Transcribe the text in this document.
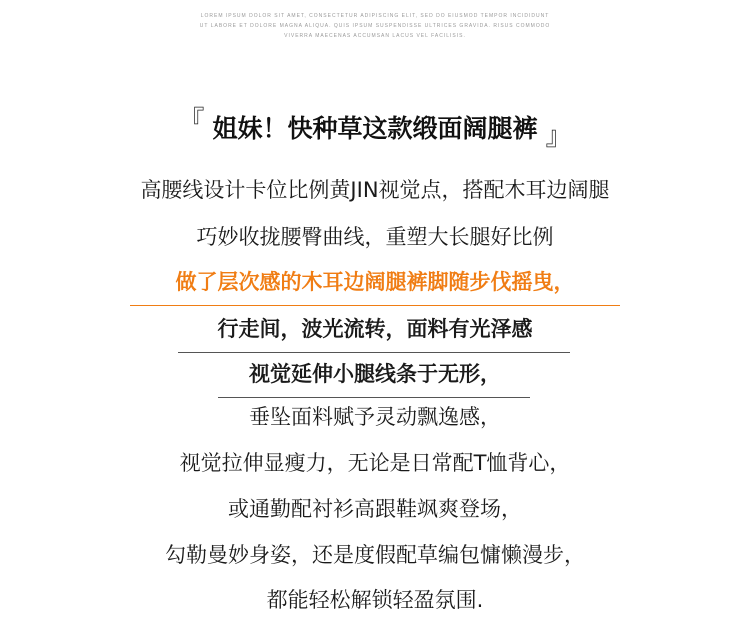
LOREM IPSUM DOLOR SIT AMET, CONSECTETUR ADIPISCING ELIT, SED DO EIUSMOD TEMPOR INCIDIDUNT
UT LABORE ET DOLORE MAGNA ALIQUA. QUIS IPSUM SUSPENDISSE ULTRICES GRAVIDA. RISUS COMMODO
VIVERRA MAECENAS ACCUMSAN LACUS VEL FACILISIS.
『 姐妹！快种草这款缎面阔腿裤 』
高腰线设计卡位比例黄JIN视觉点，搭配木耳边阔腿
巧妙收拢腰臀曲线，重塑大长腿好比例
做了层次感的木耳边阔腿裤脚随步伐摇曳，
行走间，波光流转，面料有光泽感
视觉延伸小腿线条于无形，
垂坠面料赋予灵动飘逸感，
视觉拉伸显瘦力，无论是日常配T恤背心，
或通勤配衬衫高跟鞋飒爽登场，
勾勒曼妙身姿，还是度假配草编包慵懒漫步，
都能轻松解锁轻盈氛围.
